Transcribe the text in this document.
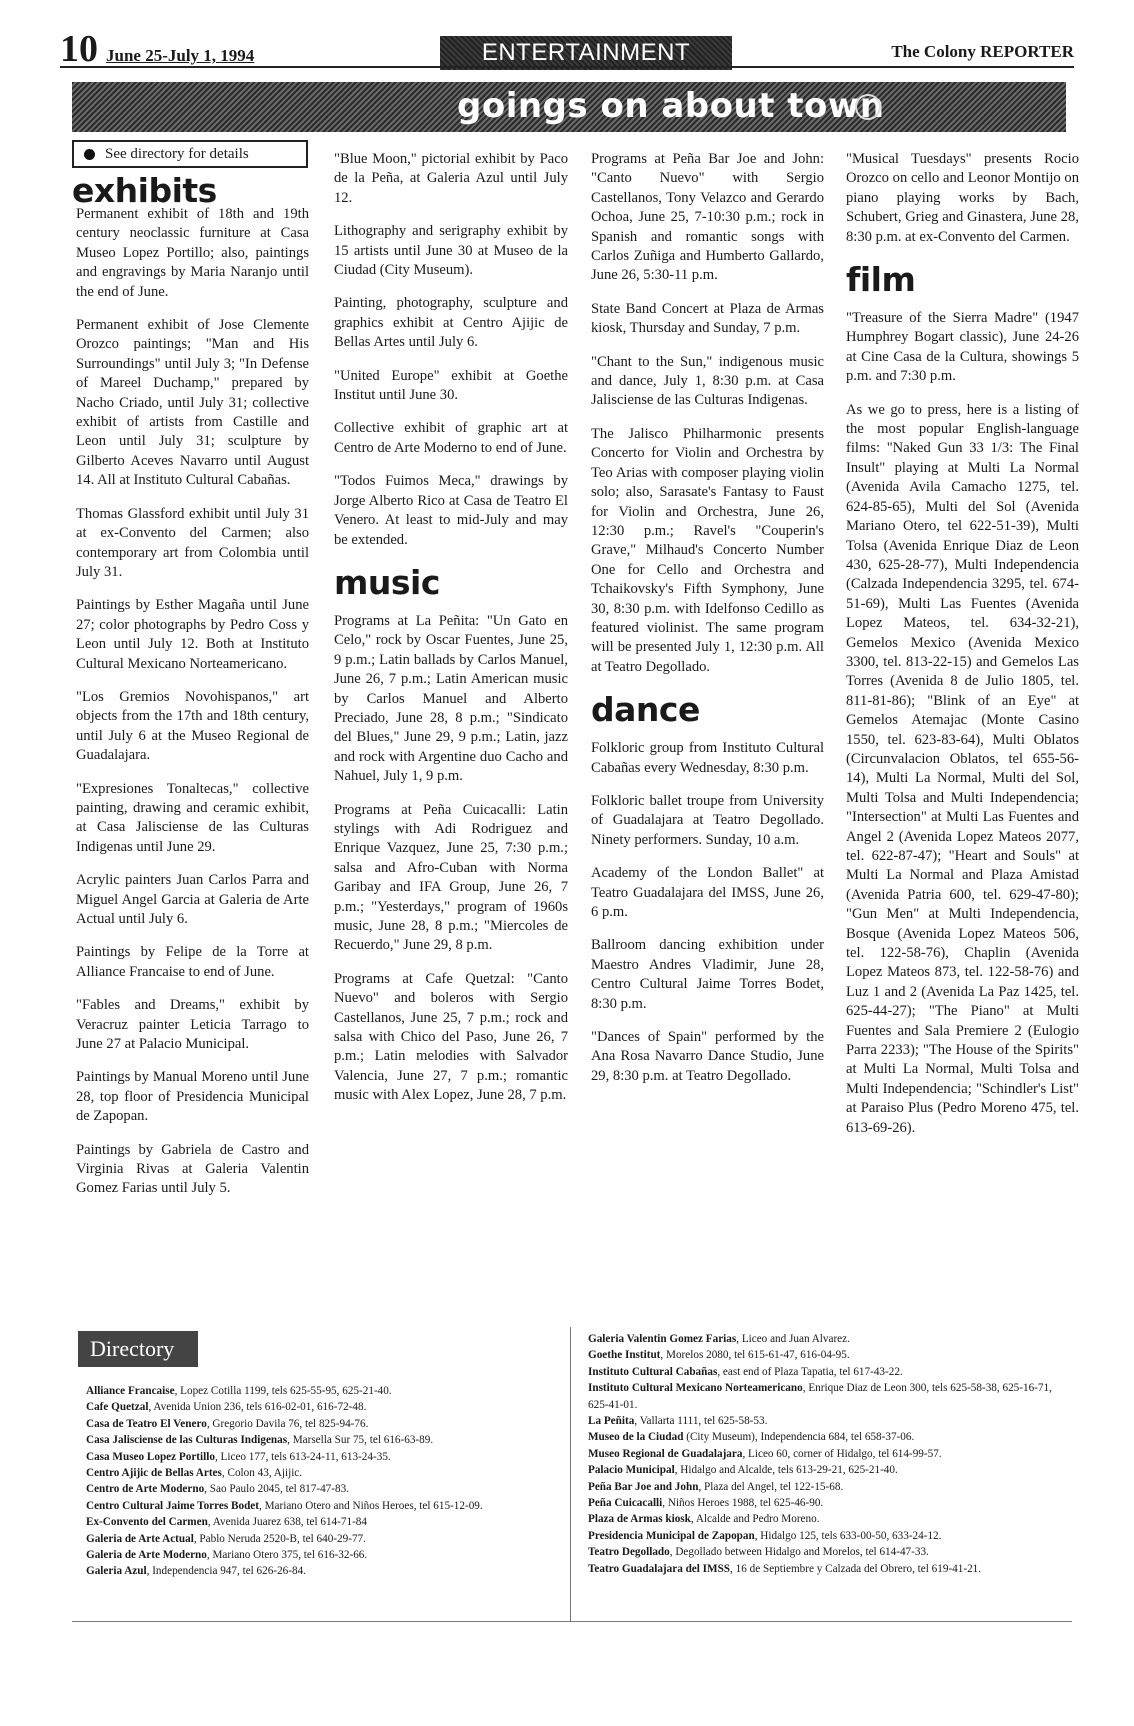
10 June 25-July 1, 1994	ENTERTAINMENT	The Colony REPORTER
goings on about town
See directory for details
exhibits

Permanent exhibit of 18th and 19th century neoclassic furniture at Casa Museo Lopez Portillo; also, paintings and engravings by Maria Naranjo until the end of June.

Permanent exhibit of Jose Clemente Orozco paintings; "Man and His Surroundings" until July 3; "In Defense of Mareel Duchamp," prepared by Nacho Criado, until July 31; collective exhibit of artists from Castille and Leon until July 31; sculpture by Gilberto Aceves Navarro until August 14. All at Instituto Cultural Cabañas.

Thomas Glassford exhibit until July 31 at ex-Convento del Carmen; also contemporary art from Colombia until July 31.

Paintings by Esther Magaña until June 27; color photographs by Pedro Coss y Leon until July 12. Both at Instituto Cultural Mexicano Norteamericano.

"Los Gremios Novohispanos," art objects from the 17th and 18th century, until July 6 at the Museo Regional de Guadalajara.

"Expresiones Tonaltecas," collective painting, drawing and ceramic exhibit, at Casa Jalisciense de las Culturas Indigenas until June 29.

Acrylic painters Juan Carlos Parra and Miguel Angel Garcia at Galeria de Arte Actual until July 6.

Paintings by Felipe de la Torre at Alliance Francaise to end of June.

"Fables and Dreams," exhibit by Veracruz painter Leticia Tarrago to June 27 at Palacio Municipal.

Paintings by Manual Moreno until June 28, top floor of Presidencia Municipal de Zapopan.

Paintings by Gabriela de Castro and Virginia Rivas at Galeria Valentin Gomez Farias until July 5.

"Blue Moon," pictorial exhibit by Paco de la Peña, at Galeria Azul until July 12.

Lithography and serigraphy exhibit by 15 artists until June 30 at Museo de la Ciudad (City Museum).

Painting, photography, sculpture and graphics exhibit at Centro Ajijic de Bellas Artes until July 6.

"United Europe" exhibit at Goethe Institut until June 30.

Collective exhibit of graphic art at Centro de Arte Moderno to end of June.

"Todos Fuimos Meca," drawings by Jorge Alberto Rico at Casa de Teatro El Venero. At least to mid-July and may be extended.

music

Programs at La Peñita: "Un Gato en Celo," rock by Oscar Fuentes, June 25, 9 p.m.; Latin ballads by Carlos Manuel, June 26, 7 p.m.; Latin American music by Carlos Manuel and Alberto Preciado, June 28, 8 p.m.; "Sindicato del Blues," June 29, 9 p.m.; Latin, jazz and rock with Argentine duo Cacho and Nahuel, July 1, 9 p.m.

Programs at Peña Cuicacalli: Latin stylings with Adi Rodriguez and Enrique Vazquez, June 25, 7:30 p.m.; salsa and Afro-Cuban with Norma Garibay and IFA Group, June 26, 7 p.m.; "Yesterdays," program of 1960s music, June 28, 8 p.m.; "Miercoles de Recuerdo," June 29, 8 p.m.

Programs at Cafe Quetzal: "Canto Nuevo" and boleros with Sergio Castellanos, June 25, 7 p.m.; rock and salsa with Chico del Paso, June 26, 7 p.m.; Latin melodies with Salvador Valencia, June 27, 7 p.m.; romantic music with Alex Lopez, June 28, 7 p.m.

Programs at Peña Bar Joe and John: "Canto Nuevo" with Sergio Castellanos, Tony Velazco and Gerardo Ochoa, June 25, 7-10:30 p.m.; rock in Spanish and romantic songs with Carlos Zuñiga and Humberto Gallardo, June 26, 5:30-11 p.m.

State Band Concert at Plaza de Armas kiosk, Thursday and Sunday, 7 p.m.

"Chant to the Sun," indigenous music and dance, July 1, 8:30 p.m. at Casa Jalisciense de las Culturas Indigenas.

The Jalisco Philharmonic presents Concerto for Violin and Orchestra by Teo Arias with composer playing violin solo; also, Sarasate's Fantasy to Faust for Violin and Orchestra, June 26, 12:30 p.m.; Ravel's "Couperin's Grave," Milhaud's Concerto Number One for Cello and Orchestra and Tchaikovsky's Fifth Symphony, June 30, 8:30 p.m. with Idelfonso Cedillo as featured violinist. The same program will be presented July 1, 12:30 p.m. All at Teatro Degollado.

dance

Folkloric group from Instituto Cultural Cabañas every Wednesday, 8:30 p.m.

Folkloric ballet troupe from University of Guadalajara at Teatro Degollado. Ninety performers. Sunday, 10 a.m.

Academy of the London Ballet" at Teatro Guadalajara del IMSS, June 26, 6 p.m.

Ballroom dancing exhibition under Maestro Andres Vladimir, June 28, Centro Cultural Jaime Torres Bodet, 8:30 p.m.

"Dances of Spain" performed by the Ana Rosa Navarro Dance Studio, June 29, 8:30 p.m. at Teatro Degollado.

"Musical Tuesdays" presents Rocio Orozco on cello and Leonor Montijo on piano playing works by Bach, Schubert, Grieg and Ginastera, June 28, 8:30 p.m. at ex-Convento del Carmen.

film

"Treasure of the Sierra Madre" (1947 Humphrey Bogart classic), June 24-26 at Cine Casa de la Cultura, showings 5 p.m. and 7:30 p.m.

As we go to press, here is a listing of the most popular English-language films: "Naked Gun 33 1/3: The Final Insult" playing at Multi La Normal (Avenida Avila Camacho 1275, tel. 624-85-65), Multi del Sol (Avenida Mariano Otero, tel 622-51-39), Multi Tolsa (Avenida Enrique Diaz de Leon 430, 625-28-77), Multi Independencia (Calzada Independencia 3295, tel. 674-51-69), Multi Las Fuentes (Avenida Lopez Mateos, tel. 634-32-21), Gemelos Mexico (Avenida Mexico 3300, tel. 813-22-15) and Gemelos Las Torres (Avenida 8 de Julio 1805, tel. 811-81-86); "Blink of an Eye" at Gemelos Atemajac (Monte Casino 1550, tel. 623-83-64), Multi Oblatos (Circunvalacion Oblatos, tel 655-56-14), Multi La Normal, Multi del Sol, Multi Tolsa and Multi Independencia; "Intersection" at Multi Las Fuentes and Angel 2 (Avenida Lopez Mateos 2077, tel. 622-87-47); "Heart and Souls" at Multi La Normal and Plaza Amistad (Avenida Patria 600, tel. 629-47-80); "Gun Men" at Multi Independencia, Bosque (Avenida Lopez Mateos 506, tel. 122-58-76), Chaplin (Avenida Lopez Mateos 873, tel. 122-58-76) and Luz 1 and 2 (Avenida La Paz 1425, tel. 625-44-27); "The Piano" at Multi Fuentes and Sala Premiere 2 (Eulogio Parra 2233); "The House of the Spirits" at Multi La Normal, Multi Tolsa and Multi Independencia; "Schindler's List" at Paraiso Plus (Pedro Moreno 475, tel. 613-69-26).

Directory

Alliance Francaise, Lopez Cotilla 1199, tels 625-55-95, 625-21-40.

Cafe Quetzal, Avenida Union 236, tels 616-02-01, 616-72-48.

Casa de Teatro El Venero, Gregorio Davila 76, tel 825-94-76.

Casa Jalisciense de las Culturas Indigenas, Marsella Sur 75, tel 616-63-89.

Casa Museo Lopez Portillo, Liceo 177, tels 613-24-11, 613-24-35.

Centro Ajijic de Bellas Artes, Colon 43, Ajijic.

Centro de Arte Moderno, Sao Paulo 2045, tel 817-47-83.

Centro Cultural Jaime Torres Bodet, Mariano Otero and Niños Heroes, tel 615-12-09.

Ex-Convento del Carmen, Avenida Juarez 638, tel 614-71-84

Galeria de Arte Actual, Pablo Neruda 2520-B, tel 640-29-77.

Galeria de Arte Moderno, Mariano Otero 375, tel 616-32-66.

Galeria Azul, Independencia 947, tel 626-26-84.

Galeria Valentin Gomez Farias, Liceo and Juan Alvarez.

Goethe Institut, Morelos 2080, tel 615-61-47, 616-04-95.

Instituto Cultural Cabañas, east end of Plaza Tapatia, tel 617-43-22.

Instituto Cultural Mexicano Norteamericano, Enrique Diaz de Leon 300, tels 625-58-38, 625-16-71, 625-41-01.

La Peñita, Vallarta 1111, tel 625-58-53.

Museo de la Ciudad (City Museum), Independencia 684, tel 658-37-06.

Museo Regional de Guadalajara, Liceo 60, corner of Hidalgo, tel 614-99-57.

Palacio Municipal, Hidalgo and Alcalde, tels 613-29-21, 625-21-40.

Peña Bar Joe and John, Plaza del Angel, tel 122-15-68.

Peña Cuicacalli, Niños Heroes 1988, tel 625-46-90.

Plaza de Armas kiosk, Alcalde and Pedro Moreno.

Presidencia Municipal de Zapopan, Hidalgo 125, tels 633-00-50, 633-24-12.

Teatro Degollado, Degollado between Hidalgo and Morelos, tel 614-47-33.

Teatro Guadalajara del IMSS, 16 de Septiembre y Calzada del Obrero, tel 619-41-21.
